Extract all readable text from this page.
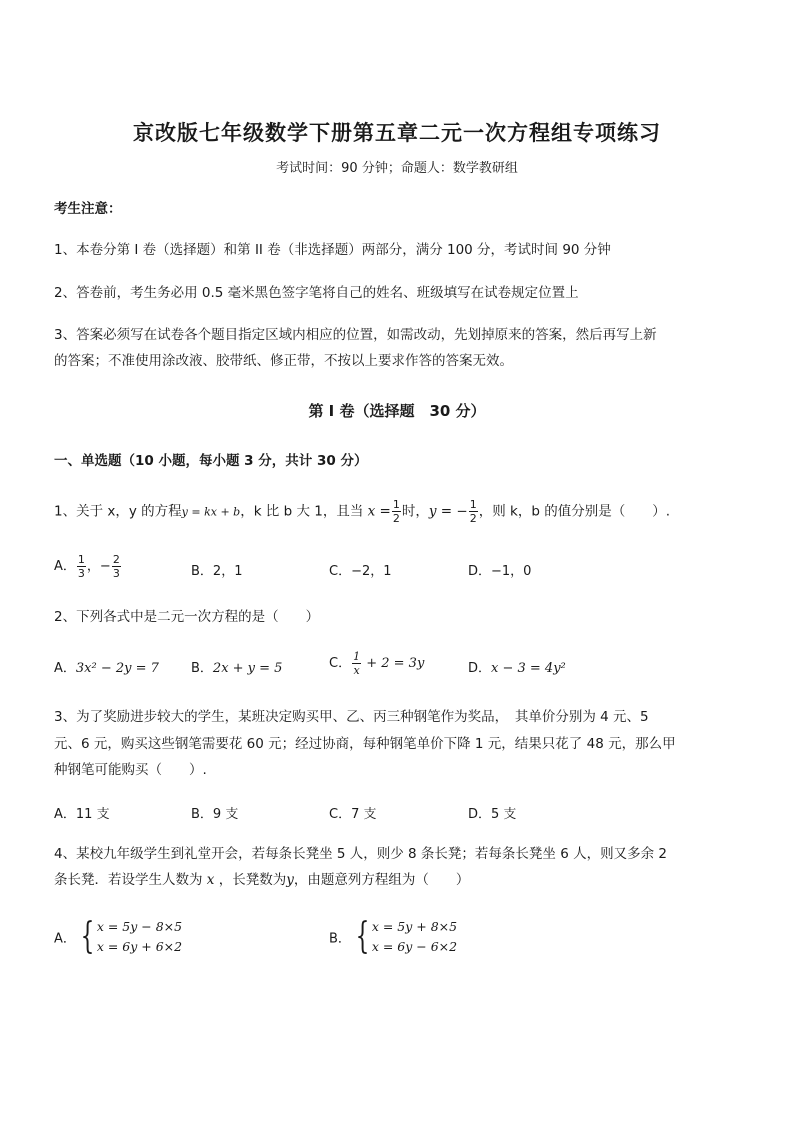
京改版七年级数学下册第五章二元一次方程组专项练习
考试时间：90 分钟；命题人：数学教研组
考生注意：
1、本卷分第 I 卷（选择题）和第 II 卷（非选择题）两部分，满分 100 分，考试时间 90 分钟
2、答卷前，考生务必用 0.5 毫米黑色签字笔将自己的姓名、班级填写在试卷规定位置上
3、答案必须写在试卷各个题目指定区域内相应的位置，如需改动，先划掉原来的答案，然后再写上新
的答案；不准使用涂改液、胶带纸、修正带，不按以上要求作答的答案无效。
第 I 卷（选择题　30 分）
一、单选题（10 小题，每小题 3 分，共计 30 分）
1、关于 x，y 的方程y = kx + b，k 比 b 大 1，且当 $x = \frac{1}{2}$ 时，y = − $\frac{1}{2}$ ，则 k，b 的值分别是（　　）.
A． $\frac{1}{3}$ ，− $\frac{2}{3}$	B．2，1	C．−2，1	D．−1，0
2、下列各式中是二元一次方程的是（　　）
A．3x² − 2y = 7 B．2x + y = 5	C． $\frac{1}{x} + 2 = 3y$	D．x − 3 = 4y²
3、为了奖励进步较大的学生，某班决定购买甲、乙、丙三种钢笔作为奖品，　其单价分别为 4 元、5
元、6 元，购买这些钢笔需要花 60 元；经过协商，每种钢笔单价下降 1 元，结果只花了 48 元，那么甲
种钢笔可能购买（　　）.
A．11 支	B．9 支	C．7 支	D．5 支
4、某校九年级学生到礼堂开会，若每条长凳坐 5 人，则少 8 条长凳；若每条长凳坐 6 人，则又多余 2
条长凳．若设学生人数为 x ，长凳数为y，由题意列方程组为（　　）
A． { x = 5y − 8×5
x = 6y + 6×2	B． { x = 5y + 8×5
x = 6y − 6×2
